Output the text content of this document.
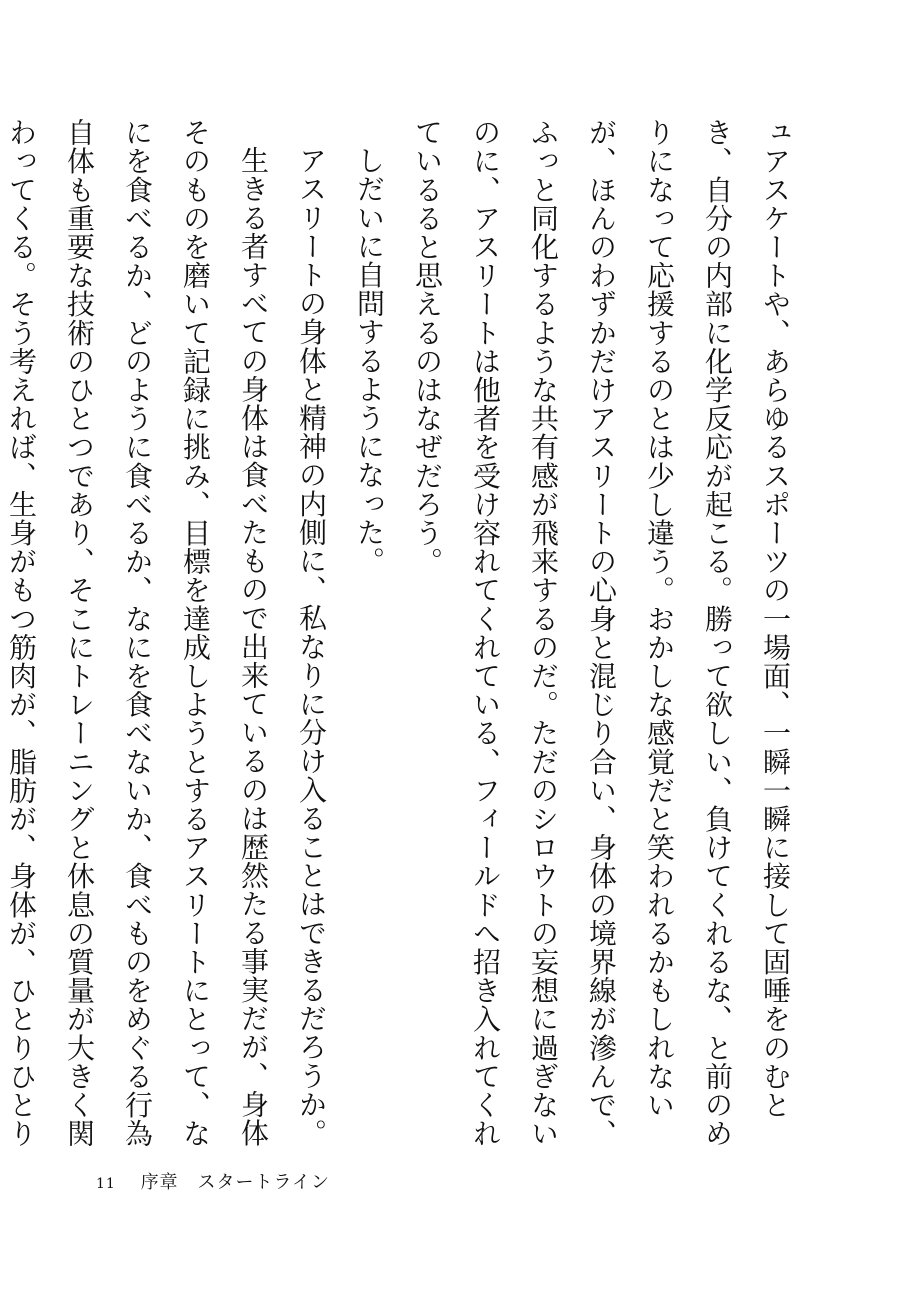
ュアスケートや、あらゆるスポーツの一場面、一瞬一瞬に接して固唾をのむとき、自分の内部に化学反応が起こる。勝って欲しい、負けてくれるな、と前のめりになって応援するのとは少し違う。おかしな感覚だと笑われるかもしれないが、ほんのわずかだけアスリートの心身と混じり合い、身体の境界線が滲んで、ふっと同化するような共有感が飛来するのだ。ただのシロウトの妄想に過ぎないのに、アスリートは他者を受け容れてくれている、フィールドへ招き入れてくれているると思えるのはなぜだろう。

しだいに自問するようになった。

アスリートの身体と精神の内側に、私なりに分け入ることはできるだろうか。

生きる者すべての身体は食べたもので出来ているのは歴然たる事実だが、身体そのものを磨いて記録に挑み、目標を達成しようとするアスリートにとって、なにを食べるか、どのように食べるか、なにを食べないか、食べものをめぐる行為自体も重要な技術のひとつであり、そこにトレーニングと休息の質量が大きく関わってくる。そう考えれば、生身がもつ筋肉が、脂肪が、身体が、ひとりひとり

11 序章　スタートライン
